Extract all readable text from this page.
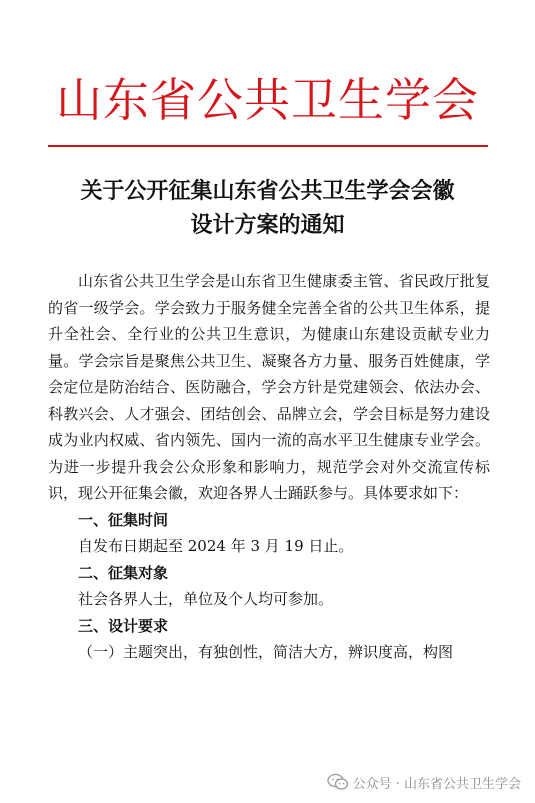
山东省公共卫生学会
关于公开征集山东省公共卫生学会会徽
设计方案的通知

山东省公共卫生学会是山东省卫生健康委主管、省民政厅批复的省一级学会。学会致力于服务健全完善全省的公共卫生体系，提升全社会、全行业的公共卫生意识，为健康山东建设贡献专业力量。学会宗旨是聚焦公共卫生、凝聚各方力量、服务百姓健康，学会定位是防治结合、医防融合，学会方针是党建领会、依法办会、科教兴会、人才强会、团结创会、品牌立会，学会目标是努力建设成为业内权威、省内领先、国内一流的高水平卫生健康专业学会。为进一步提升我会公众形象和影响力，规范学会对外交流宣传标识，现公开征集会徽，欢迎各界人士踊跃参与。具体要求如下：

一、征集时间

自发布日期起至 2024 年 3 月 19 日止。

二、征集对象

社会各界人士，单位及个人均可参加。

三、设计要求

（一）主题突出，有独创性，简洁大方，辨识度高，构图

公众号 · 山东省公共卫生学会
